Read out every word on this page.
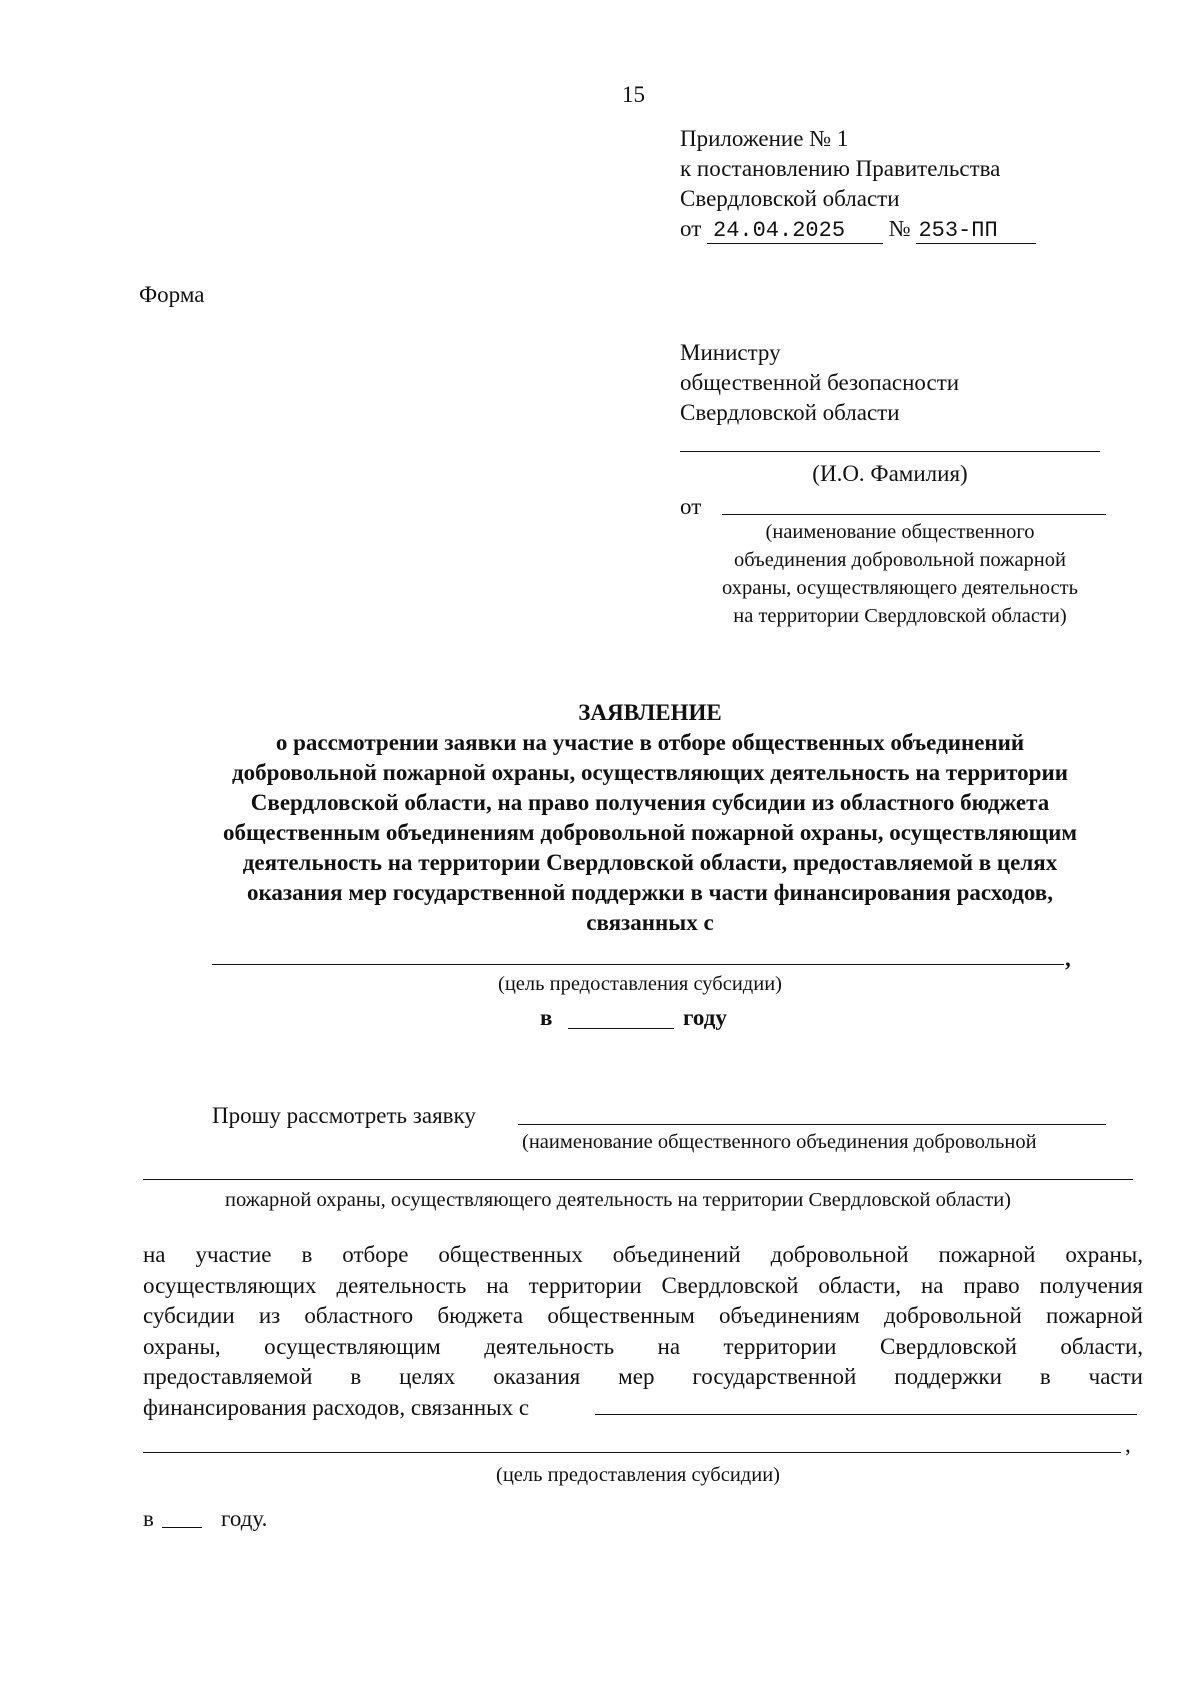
15
Приложение № 1
к постановлению Правительства
Свердловской области
от 24.04.2025 № 253-ПП
Форма
Министру
общественной безопасности
Свердловской области
(И.О. Фамилия)
от
(наименование общественного
объединения добровольной пожарной
охраны, осуществляющего деятельность
на территории Свердловской области)
ЗАЯВЛЕНИЕ
о рассмотрении заявки на участие в отборе общественных объединений
добровольной пожарной охраны, осуществляющих деятельность на территории
Свердловской области, на право получения субсидии из областного бюджета
общественным объединениям добровольной пожарной охраны, осуществляющим
деятельность на территории Свердловской области, предоставляемой в целях
оказания мер государственной поддержки в части финансирования расходов,
связанных с
,
(цель предоставления субсидии)
в	году
Прошу рассмотреть заявку
(наименование общественного объединения добровольной
пожарной охраны, осуществляющего деятельность на территории Свердловской области)
на участие в отборе общественных объединений добровольной пожарной охраны,
осуществляющих деятельность на территории Свердловской области, на право получения
субсидии из областного бюджета общественным объединениям добровольной пожарной
охраны, осуществляющим деятельность на территории Свердловской области,
предоставляемой в целях оказания мер государственной поддержки в части
финансирования расходов, связанных с
,
(цель предоставления субсидии)
в	году.
